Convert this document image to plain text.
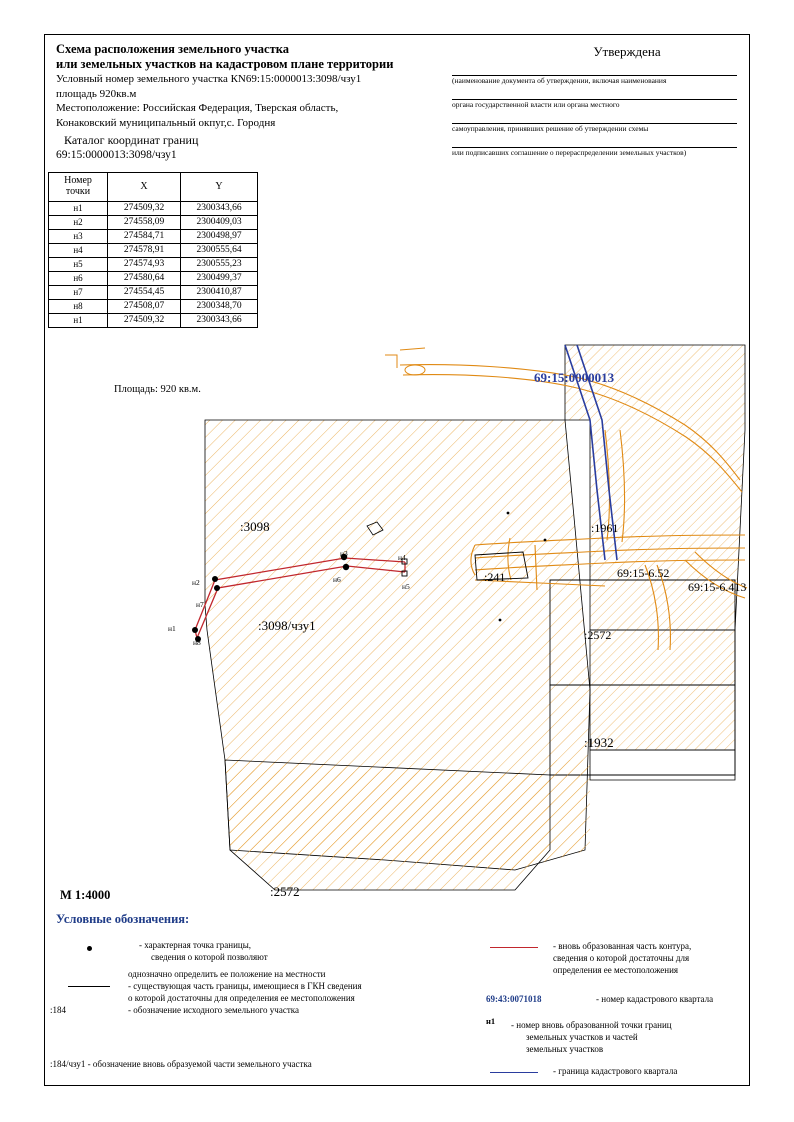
Схема расположения земельного участка
или земельных участков на кадастровом плане территории
Условный номер земельного участка КN⁩69:15:0000013:3098/чзу1
площадь 920кв.м
Местоположение: Российская Федерация, Тверская область,
Конаковский муниципальный окпуг,с. Городня
Каталог координат границ
69:15:0000013:3098/чзу1
Утверждена
(наименование документа об утверждении, включая наименования
органа государственной власти или органа местного
самоуправления, принявших решение об утверждении схемы
или подписавших соглашение о перераспределении земельных участков)
69:15:0000013
:3098
:3098/чзу1
:1961
69:15-6.52
69:15-6.413
:241
:2572
:1932
:2572
н1
н8
н2
н7
н3
н6
н4
н5
Номер точки	X	Y
н1	274509,32	2300343,66
н2	274558,09	2300409,03
н3	274584,71	2300498,97
н4	274578,91	2300555,64
н5	274574,93	2300555,23
н6	274580,64	2300499,37
н7	274554,45	2300410,87
н8	274508,07	2300348,70
н1	274509,32	2300343,66
Площадь: 920 кв.м.
М 1:4000
Условные обозначения:
- характерная точка границы,
сведения о которой позволяют
однозначно определить ее положение на местности
- существующая часть границы, имеющиеся в ГКН сведения
о которой достаточны для определения ее местоположения
:184	- обозначение исходного земельного участка
:184/чзу1 - обозначение вновь образуемой части земельного участка
- вновь образованная часть контура,
сведения о которой достаточны для
определения ее местоположения
69:43:0071018	- номер кадастрового квартала
н1 - номер вновь образованной точки границ
земельных участков и частей
земельных участков
- граница кадастрового квартала
